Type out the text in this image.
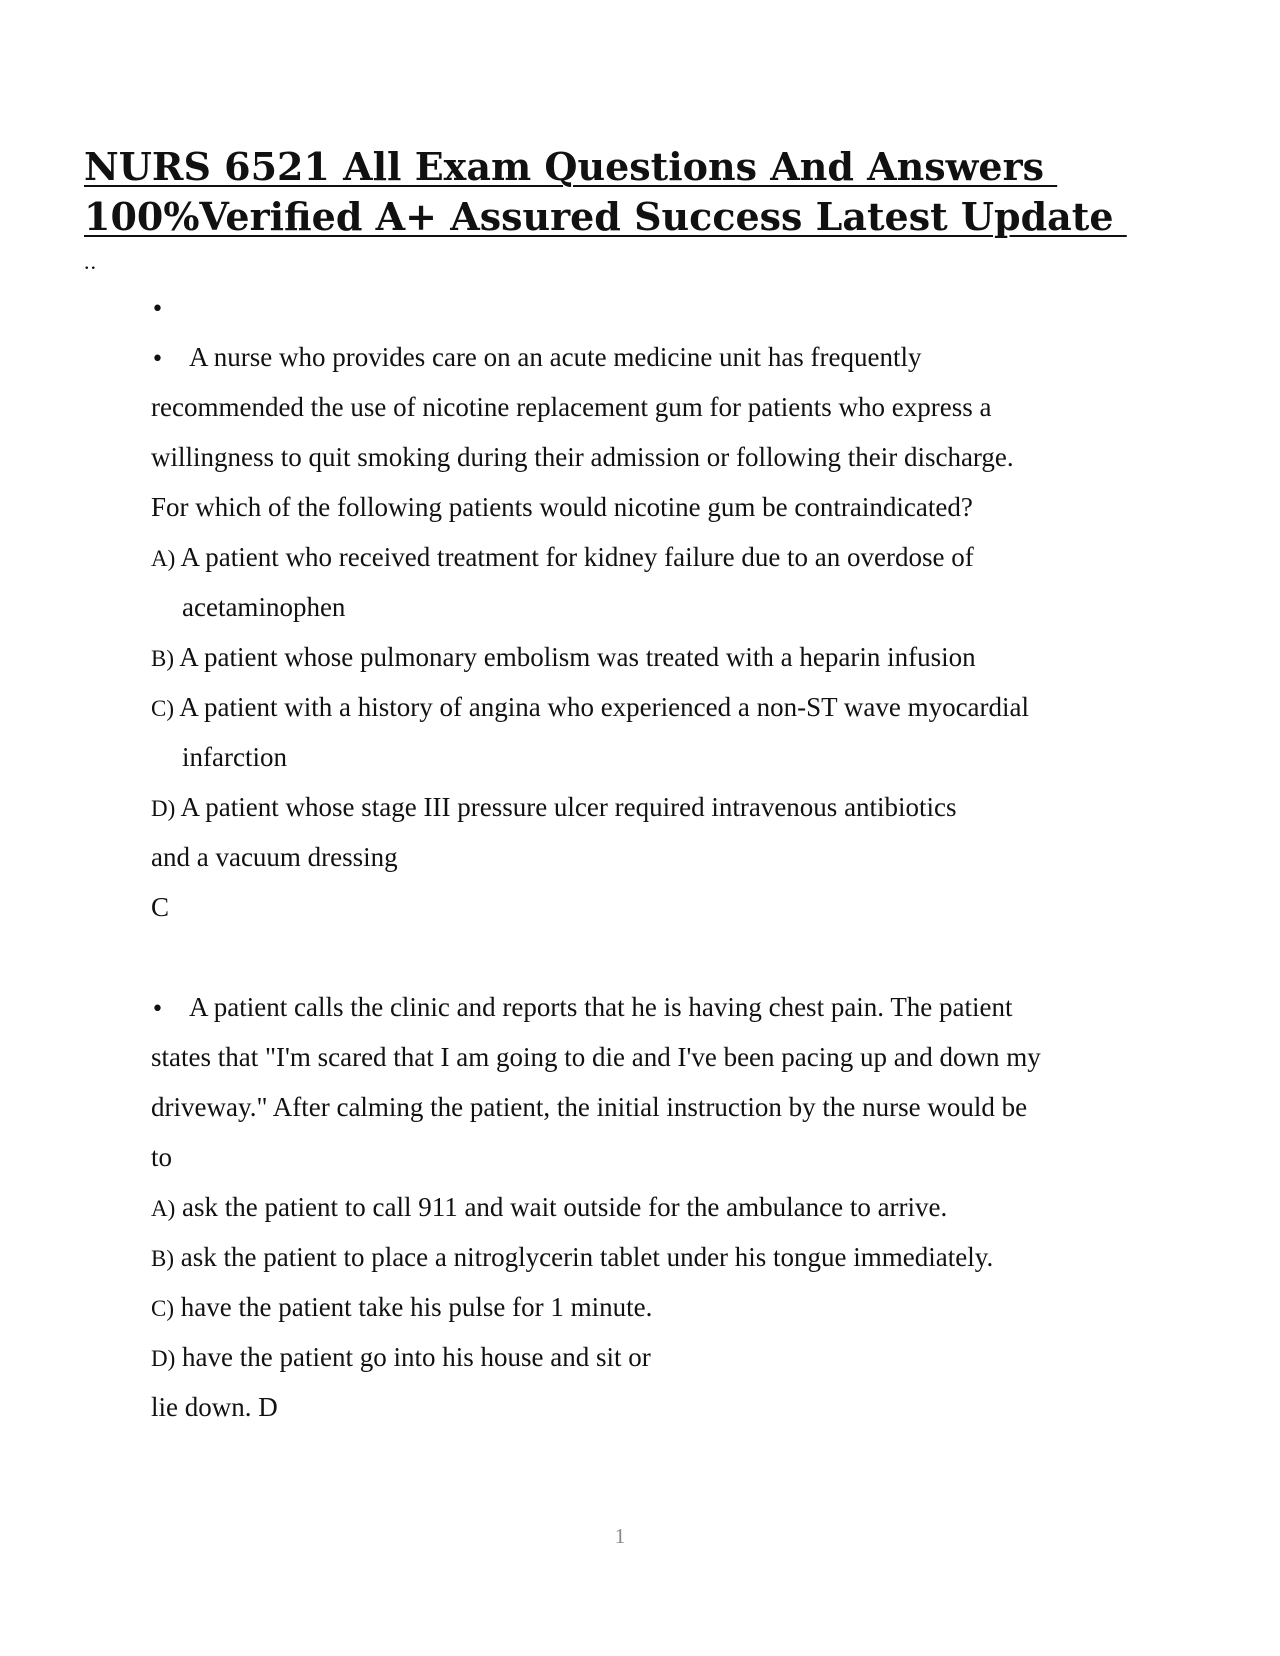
NURS 6521 All Exam Questions And Answers
100%Verified A+ Assured Success Latest Update
..
•
• A nurse who provides care on an acute medicine unit has frequently
recommended the use of nicotine replacement gum for patients who express a
willingness to quit smoking during their admission or following their discharge.
For which of the following patients would nicotine gum be contraindicated?
A) A patient who received treatment for kidney failure due to an overdose of
acetaminophen
B) A patient whose pulmonary embolism was treated with a heparin infusion
C) A patient with a history of angina who experienced a non-ST wave myocardial
infarction
D) A patient whose stage III pressure ulcer required intravenous antibiotics
and a vacuum dressing
C
• A patient calls the clinic and reports that he is having chest pain. The patient
states that "I'm scared that I am going to die and I've been pacing up and down my
driveway." After calming the patient, the initial instruction by the nurse would be
to
A) ask the patient to call 911 and wait outside for the ambulance to arrive.
B) ask the patient to place a nitroglycerin tablet under his tongue immediately.
C) have the patient take his pulse for 1 minute.
D) have the patient go into his house and sit or
lie down. D
1
